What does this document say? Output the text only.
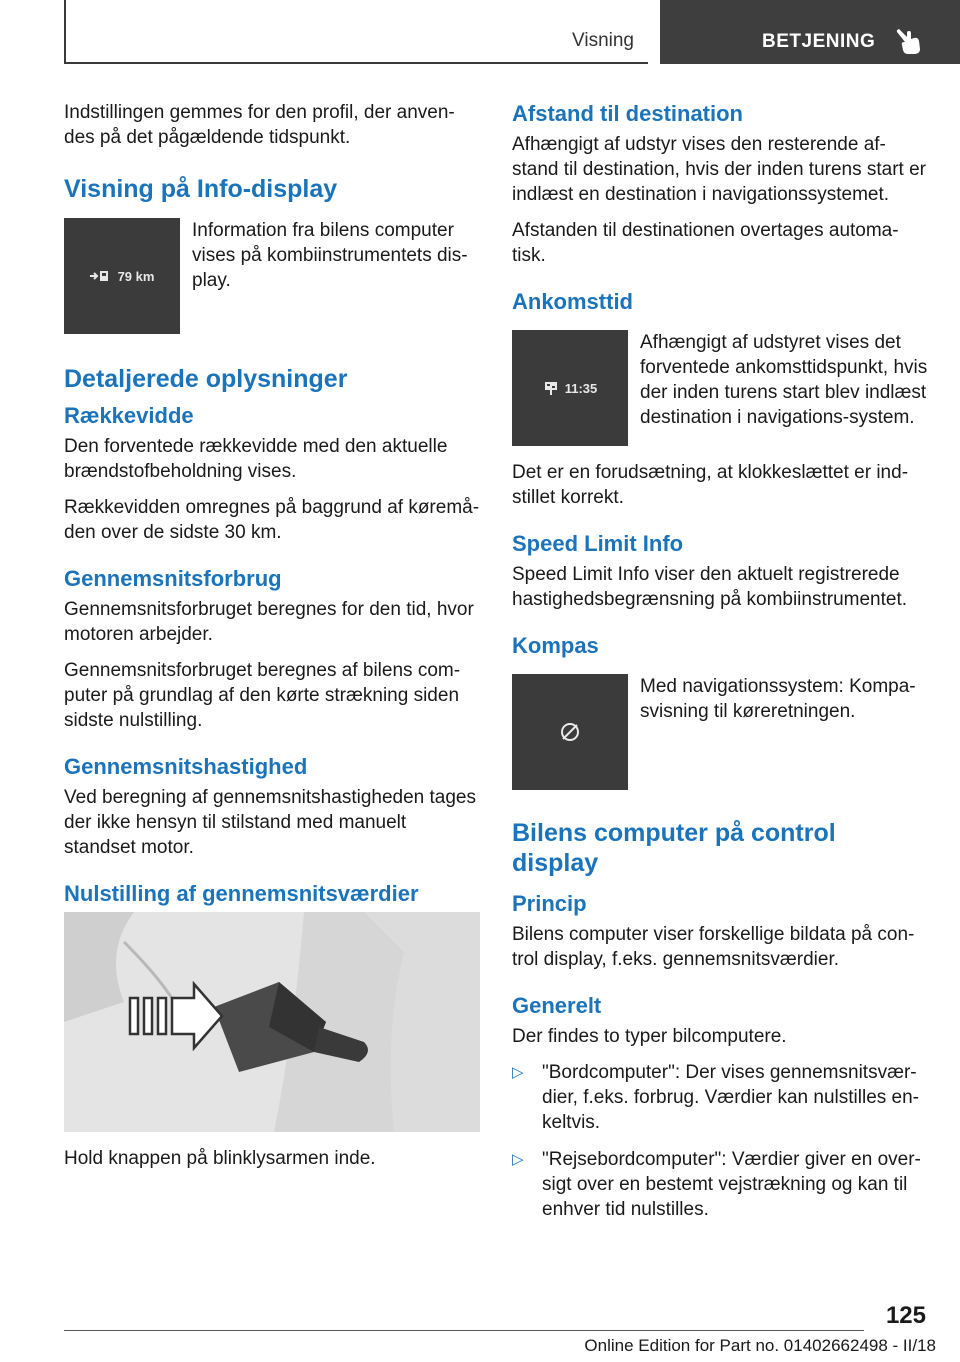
Visning	BETJENING

Indstillingen gemmes for den profil, der anven‐des på det pågældende tidspunkt.

Visning på Info-display
79 km

Information fra bilens computer vises på kombiinstrumentets dis‐play.

Detaljerede oplysninger
Rækkevidde

Den forventede rækkevidde med den aktuelle brændstofbeholdning vises.

Rækkevidden omregnes på baggrund af køremå‐den over de sidste 30 km.

Gennemsnitsforbrug

Gennemsnitsforbruget beregnes for den tid, hvor motoren arbejder.

Gennemsnitsforbruget beregnes af bilens com‐puter på grundlag af den kørte strækning siden sidste nulstilling.

Gennemsnitshastighed

Ved beregning af gennemsnitshastigheden tages der ikke hensyn til stilstand med manuelt standset motor.

Nulstilling af gennemsnitsværdier

Hold knappen på blinklysarmen inde.

Afstand til destination

Afhængigt af udstyr vises den resterende af‐stand til destination, hvis der inden turens start er indlæst en destination i navigationssystemet.

Afstanden til destinationen overtages automa‐tisk.

Ankomsttid
11:35

Afhængigt af udstyret vises det forventede ankomsttidspunkt, hvis der inden turens start blev indlæst destination i navigations‐system.

Det er en forudsætning, at klokkeslættet er ind‐stillet korrekt.

Speed Limit Info

Speed Limit Info viser den aktuelt registrerede hastighedsbegrænsning på kombiinstrumentet.

Kompas

Med navigationssystem: Kompa‐svisning til køreretningen.

Bilens computer på control display
Princip

Bilens computer viser forskellige bildata på con‐trol display, f.eks. gennemsnitsværdier.

Generelt

Der findes to typer bilcomputere.

▷ "Bordcomputer": Der vises gennemsnitsvær‐dier, f.eks. forbrug. Værdier kan nulstilles en‐keltvis.
▷ "Rejsebordcomputer": Værdier giver en over‐sigt over en bestemt vejstrækning og kan til enhver tid nulstilles.
125
Online Edition for Part no. 01402662498 - II/18
